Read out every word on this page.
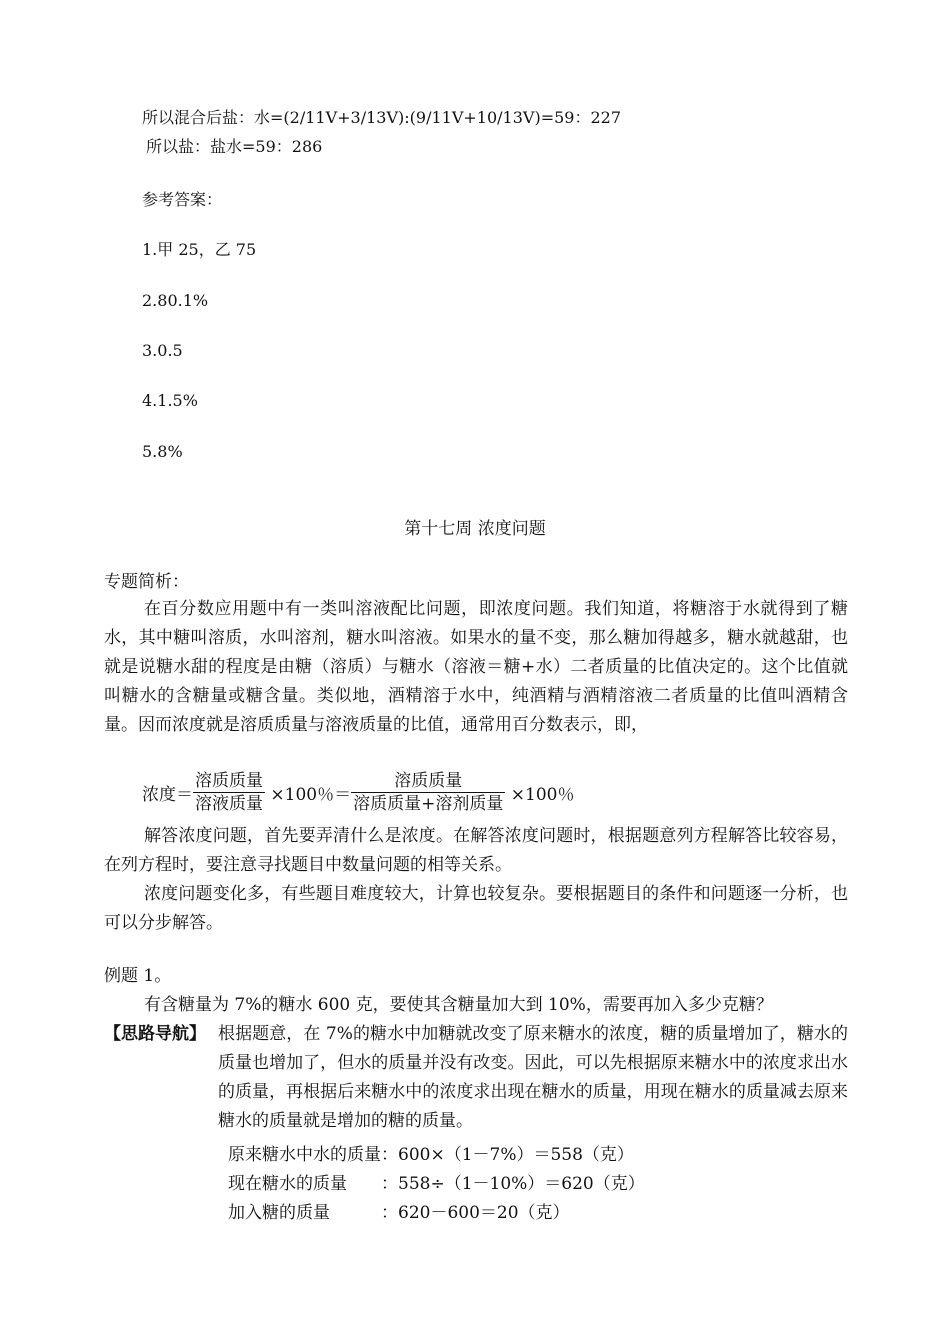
所以混合后盐：水=(2/11V+3/13V):(9/11V+10/13V)=59：227
所以盐：盐水=59：286
参考答案：
1.甲 25，乙 75
2.80.1%
3.0.5
4.1.5%
5.8%
第十七周 浓度问题
专题简析：
在百分数应用题中有一类叫溶液配比问题，即浓度问题。我们知道，将糖溶于水就得到了糖水，其中糖叫溶质，水叫溶剂，糖水叫溶液。如果水的量不变，那么糖加得越多，糖水就越甜，也就是说糖水甜的程度是由糖（溶质）与糖水（溶液＝糖+水）二者质量的比值决定的。这个比值就叫糖水的含糖量或糖含量。类似地，酒精溶于水中，纯酒精与酒精溶液二者质量的比值叫酒精含量。因而浓度就是溶质质量与溶液质量的比值，通常用百分数表示，即，
浓度＝ $\frac{\text{溶质质量}}{\text{溶液质量}} \times 100$％＝ $\frac{\text{溶质质量}}{\text{溶质质量+溶剂质量}} \times 100$％
解答浓度问题，首先要弄清什么是浓度。在解答浓度问题时，根据题意列方程解答比较容易，在列方程时，要注意寻找题目中数量问题的相等关系。
浓度问题变化多，有些题目难度较大，计算也较复杂。要根据题目的条件和问题逐一分析，也可以分步解答。
例题 1。
有含糖量为 7%的糖水 600 克，要使其含糖量加大到 10%，需要再加入多少克糖？
【思路导航】 根据题意，在 7%的糖水中加糖就改变了原来糖水的浓度，糖的质量增加了，糖水的质量也增加了，但水的质量并没有改变。因此，可以先根据原来糖水中的浓度求出水的质量，再根据后来糖水中的浓度求出现在糖水的质量，用现在糖水的质量减去原来糖水的质量就是增加的糖的质量。
原来糖水中水的质量：600×（1－7%）＝558（克）
现在糖水的质量　　：558÷（1－10%）＝620（克）
加入糖的质量　　　：620－600＝20（克）
